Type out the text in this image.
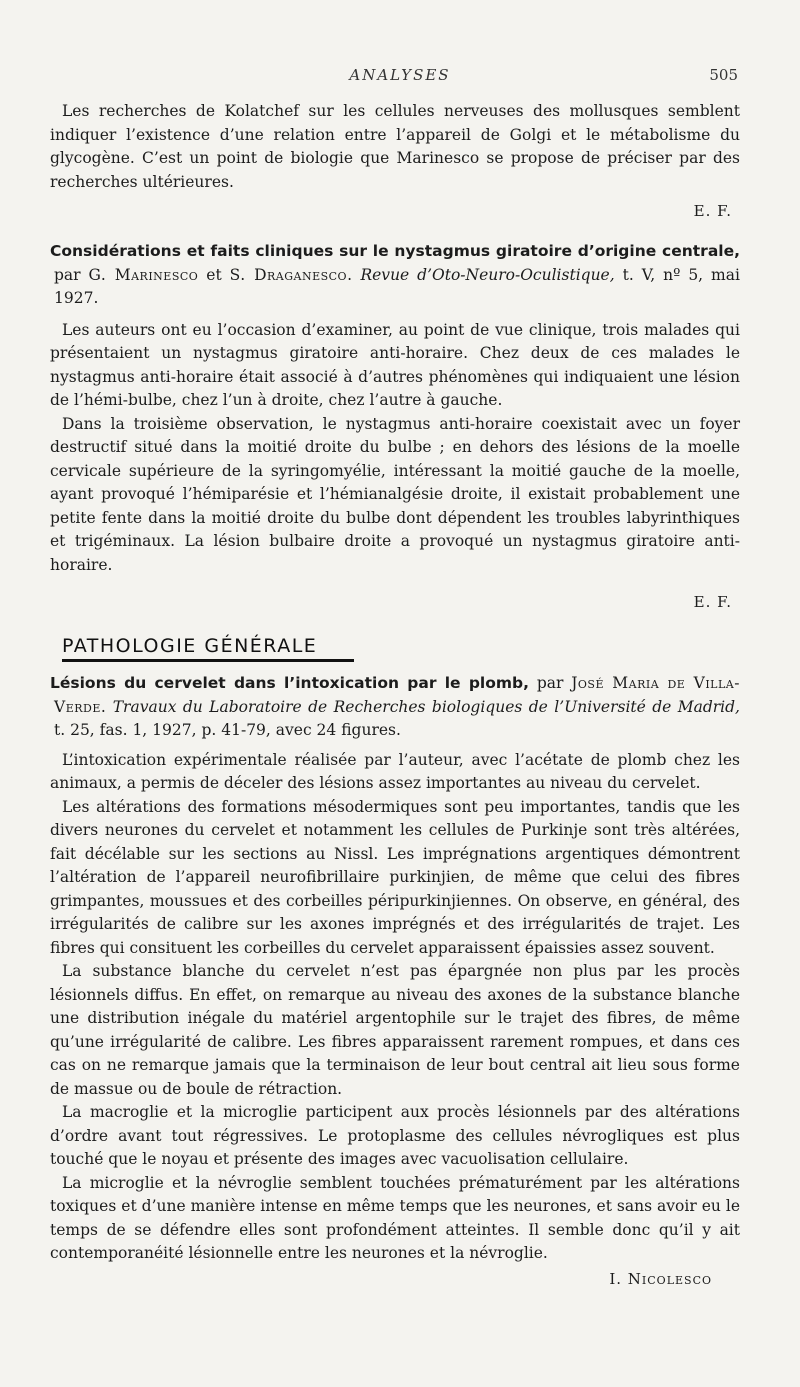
ANALYSES	505

Les recherches de Kolatchef sur les cellules nerveuses des mollusques semblent indiquer l’existence d’une relation entre l’appareil de Golgi et le métabolisme du glycogène. C’est un point de biologie que Marinesco se propose de préciser par des recherches ultérieures.

E. F.

Considérations et faits cliniques sur le nystagmus giratoire d’origine centrale, par G. Marinesco et S. Draganesco. Revue d’Oto-Neuro-Oculistique, t. V, nº 5, mai 1927.

Les auteurs ont eu l’occasion d’examiner, au point de vue clinique, trois malades qui présentaient un nystagmus giratoire anti-horaire. Chez deux de ces malades le nystagmus anti-horaire était associé à d’autres phénomènes qui indiquaient une lésion de l’hémi-bulbe, chez l’un à droite, chez l’autre à gauche.

Dans la troisième observation, le nystagmus anti-horaire coexistait avec un foyer destructif situé dans la moitié droite du bulbe ; en dehors des lésions de la moelle cervicale supérieure de la syringomyélie, intéressant la moitié gauche de la moelle, ayant provoqué l’hémiparésie et l’hémianalgésie droite, il existait probablement une petite fente dans la moitié droite du bulbe dont dépendent les troubles labyrinthiques et trigéminaux. La lésion bulbaire droite a provoqué un nystagmus giratoire anti-horaire.

E. F.
PATHOLOGIE GÉNÉRALE

Lésions du cervelet dans l’intoxication par le plomb, par José Maria de Villa-Verde. Travaux du Laboratoire de Recherches biologiques de l’Université de Madrid, t. 25, fas. 1, 1927, p. 41-79, avec 24 figures.

L’intoxication expérimentale réalisée par l’auteur, avec l’acétate de plomb chez les animaux, a permis de déceler des lésions assez importantes au niveau du cervelet.

Les altérations des formations mésodermiques sont peu importantes, tandis que les divers neurones du cervelet et notamment les cellules de Purkinje sont très altérées, fait décélable sur les sections au Nissl. Les imprégnations argentiques démontrent l’altération de l’appareil neurofibrillaire purkinjien, de même que celui des fibres grimpantes, moussues et des corbeilles péripurkinjiennes. On observe, en général, des irrégularités de calibre sur les axones imprégnés et des irrégularités de trajet. Les fibres qui consituent les corbeilles du cervelet apparaissent épaissies assez souvent.

La substance blanche du cervelet n’est pas épargnée non plus par les procès lésionnels diffus. En effet, on remarque au niveau des axones de la substance blanche une distribution inégale du matériel argentophile sur le trajet des fibres, de même qu’une irrégularité de calibre. Les fibres apparaissent rarement rompues, et dans ces cas on ne remarque jamais que la terminaison de leur bout central ait lieu sous forme de massue ou de boule de rétraction.

La macroglie et la microglie participent aux procès lésionnels par des altérations d’ordre avant tout régressives. Le protoplasme des cellules névrogliques est plus touché que le noyau et présente des images avec vacuolisation cellulaire.

La microglie et la névroglie semblent touchées prématurément par les altérations toxiques et d’une manière intense en même temps que les neurones, et sans avoir eu le temps de se défendre elles sont profondément atteintes. Il semble donc qu’il y ait contemporanéité lésionnelle entre les neurones et la névroglie.

I. Nicolesco
